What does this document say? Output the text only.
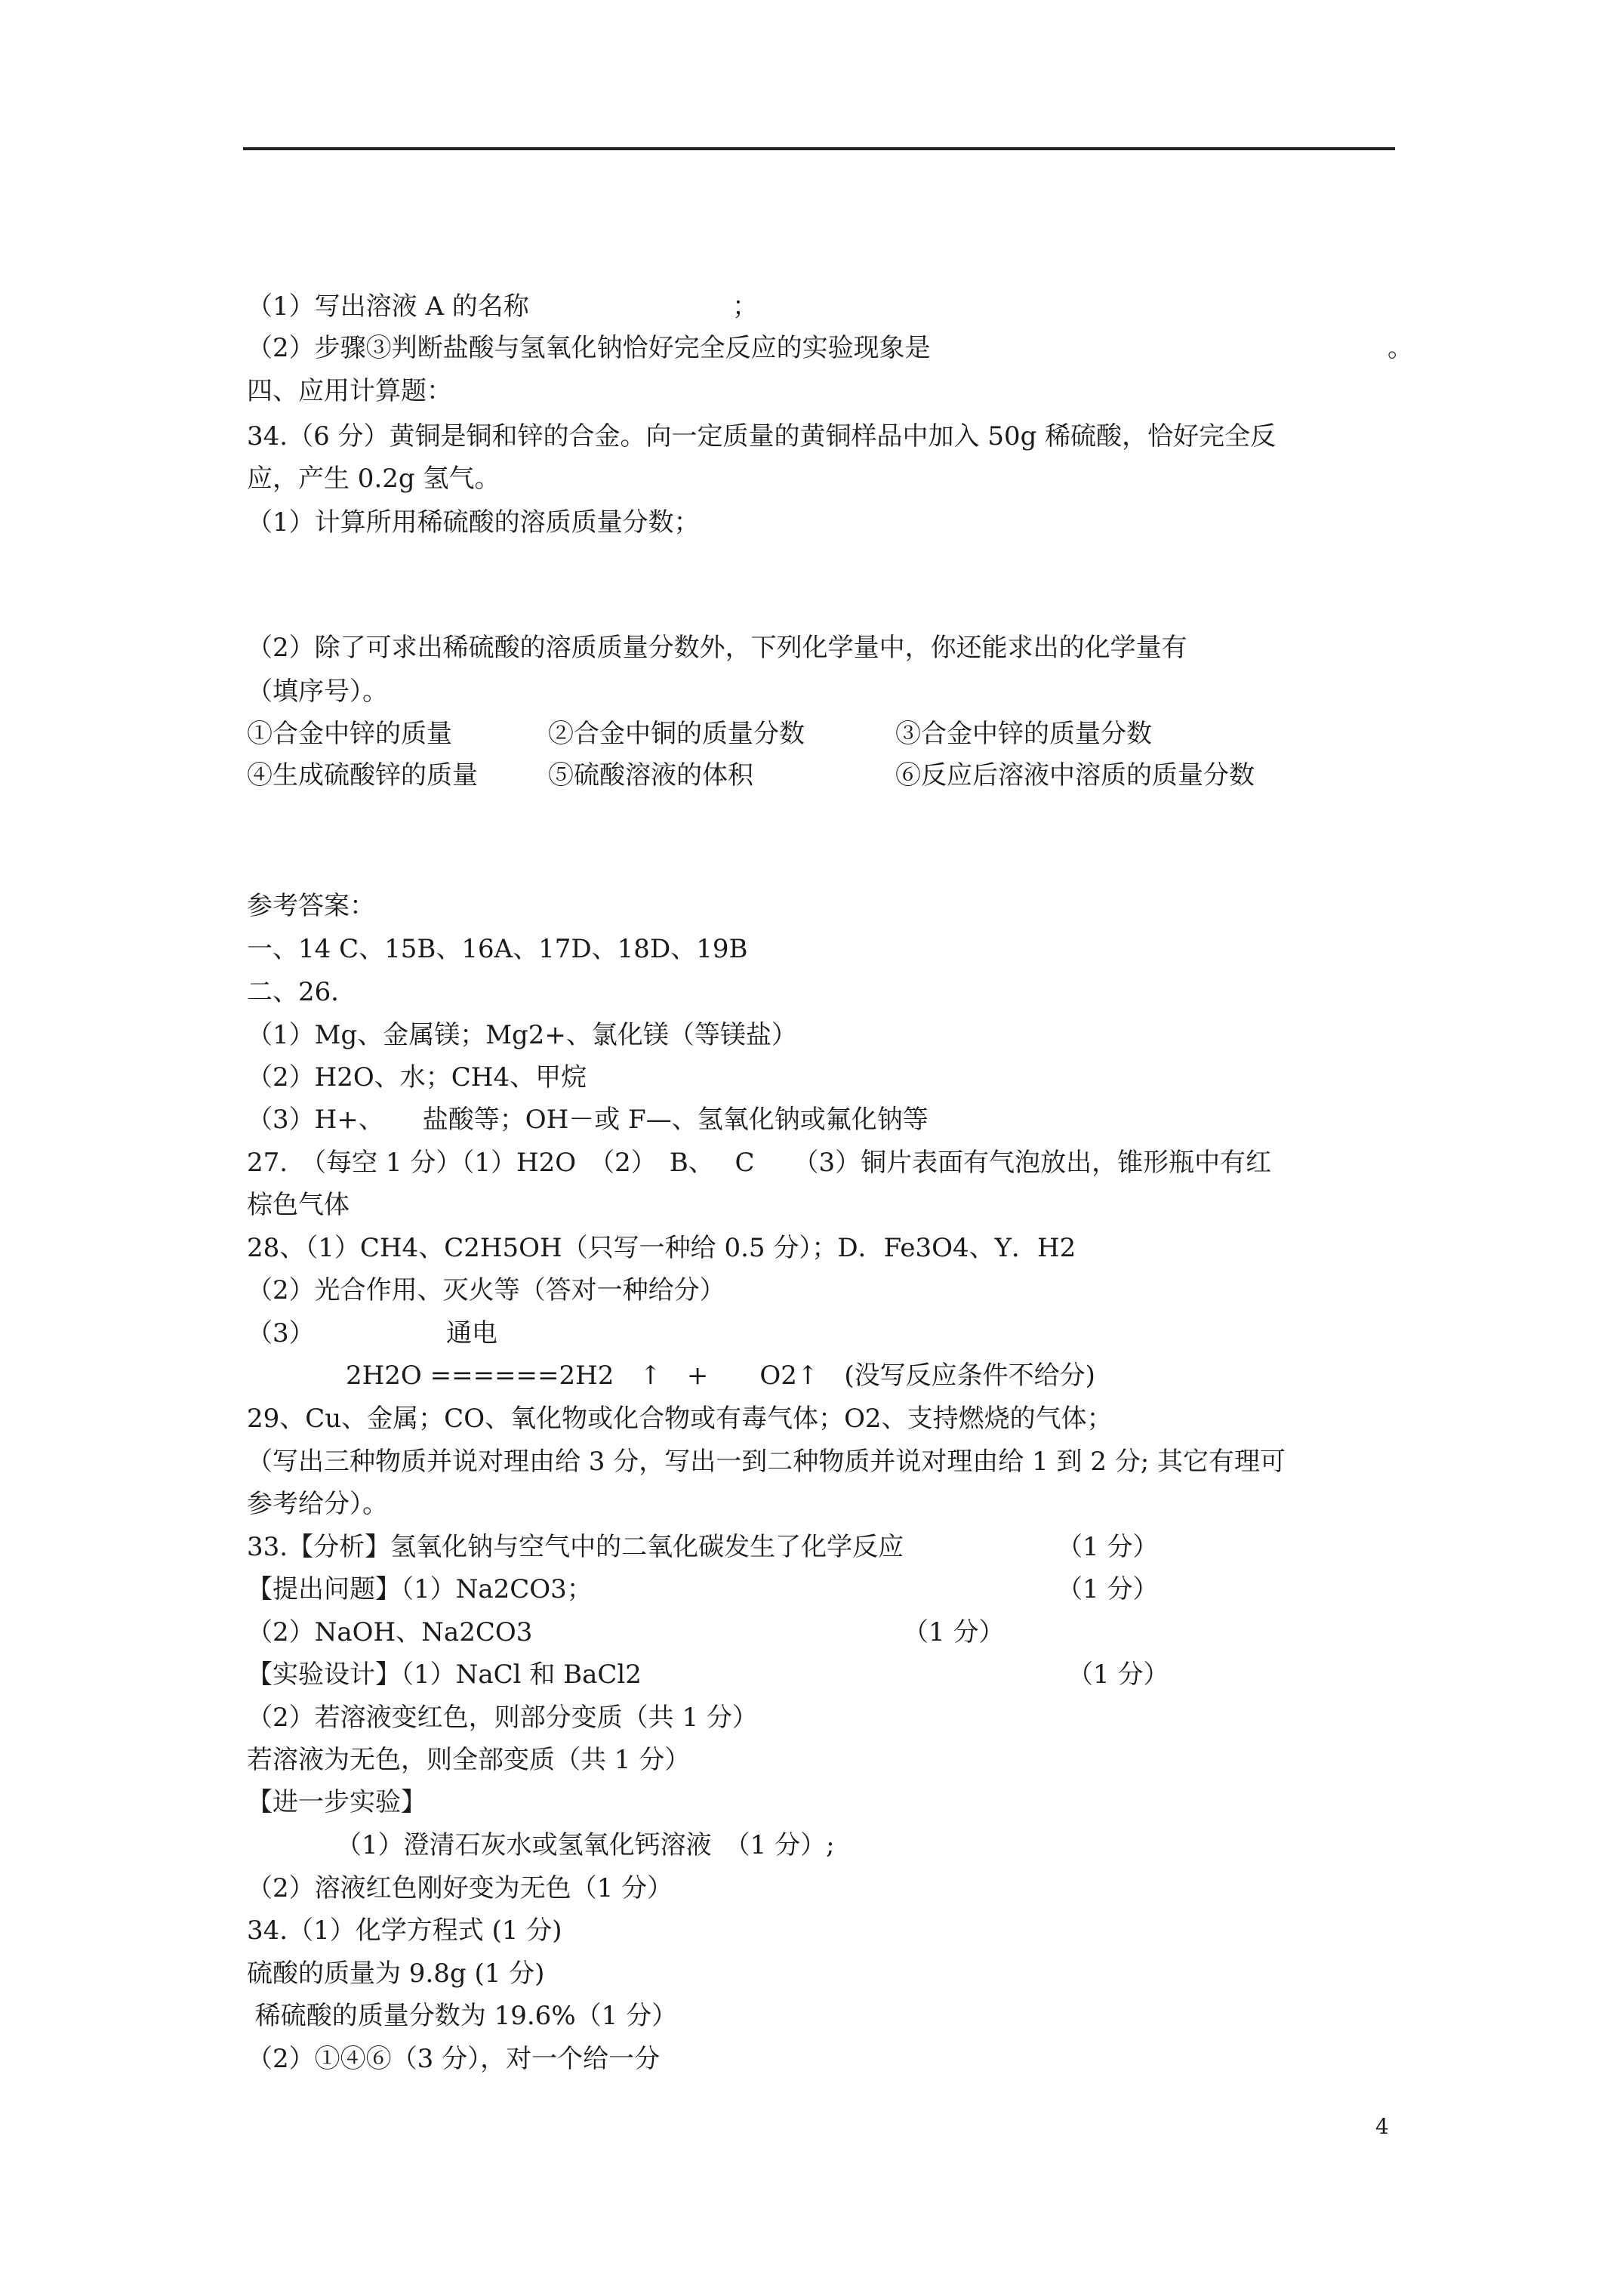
（1）写出溶液 A 的名称	；
（2）步骤③判断盐酸与氢氧化钠恰好完全反应的实验现象是	。
四、应用计算题：
34.（6 分）黄铜是铜和锌的合金。向一定质量的黄铜样品中加入 50g 稀硫酸，恰好完全反
应，产生 0.2g 氢气。
（1）计算所用稀硫酸的溶质质量分数；
（2）除了可求出稀硫酸的溶质质量分数外，下列化学量中，你还能求出的化学量有
（填序号）。
①合金中锌的质量	②合金中铜的质量分数	③合金中锌的质量分数
④生成硫酸锌的质量	⑤硫酸溶液的体积	⑥反应后溶液中溶质的质量分数
参考答案：
一、14 C、15B、16A、17D、18D、19B
二、26．
（1）Mg、金属镁；Mg2+、氯化镁（等镁盐）
（2）H2O、水；CH4、甲烷
（3）H+、　　盐酸等；OH－或 F—、氢氧化钠或氟化钠等
27.　（每空 1 分）（1）H2O　（2）　B、　 C　　（3）铜片表面有气泡放出，锥形瓶中有红
棕色气体
28、（1）CH4、C2H5OH（只写一种给 0.5 分）；D．Fe3O4、Y．H2
（2）光合作用、灭火等（答对一种给分）
（3）	通电
2H2O ======2H2　↑　+　　O2↑　(没写反应条件不给分)
29、Cu、金属；CO、氧化物或化合物或有毒气体；O2、支持燃烧的气体；
（写出三种物质并说对理由给 3 分，写出一到二种物质并说对理由给 1 到 2 分; 其它有理可
参考给分）。
33.【分析】氢氧化钠与空气中的二氧化碳发生了化学反应	（1 分）
【提出问题】（1）Na2CO3；	（1 分）
（2）NaOH、Na2CO3	（1 分）
【实验设计】（1）NaCl 和 BaCl2	（1 分）
（2）若溶液变红色，则部分变质（共 1 分）
若溶液为无色，则全部变质（共 1 分）
【进一步实验】
（1）澄清石灰水或氢氧化钙溶液　（1 分）;
（2）溶液红色刚好变为无色（1 分）
34.（1）化学方程式 (1 分)
硫酸的质量为 9.8g (1 分)
稀硫酸的质量分数为 19.6%（1 分）
（2）①④⑥（3 分），对一个给一分
4
